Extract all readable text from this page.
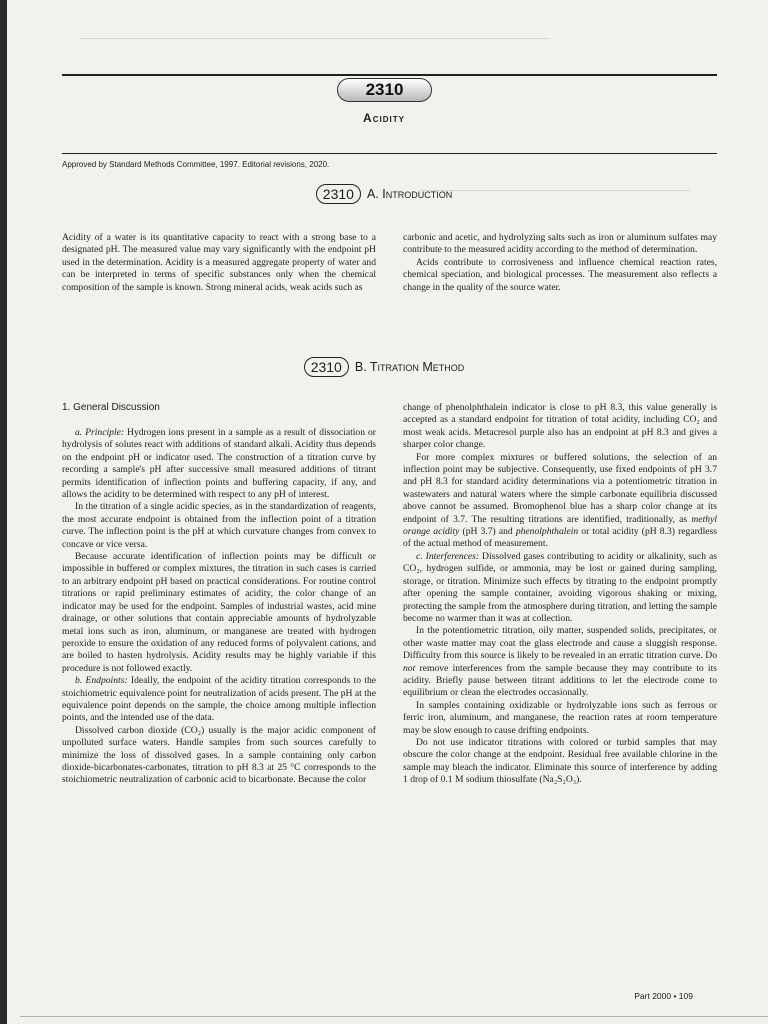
2310
Acidity
Approved by Standard Methods Committee, 1997. Editorial revisions, 2020.
2310 A. Introduction

Acidity of a water is its quantitative capacity to react with a strong base to a designated pH. The measured value may vary significantly with the endpoint pH used in the determination. Acidity is a measured aggregate property of water and can be interpreted in terms of specific substances only when the chemical composition of the sample is known. Strong mineral acids, weak acids such as

carbonic and acetic, and hydrolyzing salts such as iron or aluminum sulfates may contribute to the measured acidity according to the method of determination.

Acids contribute to corrosiveness and influence chemical reaction rates, chemical speciation, and biological processes. The measurement also reflects a change in the quality of the source water.

2310 B. Titration Method
1. General Discussion

a. Principle: Hydrogen ions present in a sample as a result of dissociation or hydrolysis of solutes react with additions of standard alkali. Acidity thus depends on the endpoint pH or indicator used. The construction of a titration curve by recording a sample's pH after successive small measured additions of titrant permits identification of inflection points and buffering capacity, if any, and allows the acidity to be determined with respect to any pH of interest.

In the titration of a single acidic species, as in the standardization of reagents, the most accurate endpoint is obtained from the inflection point of a titration curve. The inflection point is the pH at which curvature changes from convex to concave or vice versa.

Because accurate identification of inflection points may be difficult or impossible in buffered or complex mixtures, the titration in such cases is carried to an arbitrary endpoint pH based on practical considerations. For routine control titrations or rapid preliminary estimates of acidity, the color change of an indicator may be used for the endpoint. Samples of industrial wastes, acid mine drainage, or other solutions that contain appreciable amounts of hydrolyzable metal ions such as iron, aluminum, or manganese are treated with hydrogen peroxide to ensure the oxidation of any reduced forms of polyvalent cations, and are boiled to hasten hydrolysis. Acidity results may be highly variable if this procedure is not followed exactly.

b. Endpoints: Ideally, the endpoint of the acidity titration corresponds to the stoichiometric equivalence point for neutralization of acids present. The pH at the equivalence point depends on the sample, the choice among multiple inflection points, and the intended use of the data.

Dissolved carbon dioxide (CO₂) usually is the major acidic component of unpolluted surface waters. Handle samples from such sources carefully to minimize the loss of dissolved gases. In a sample containing only carbon dioxide-bicarbonates-carbonates, titration to pH 8.3 at 25 °C corresponds to the stoichiometric neutralization of carbonic acid to bicarbonate. Because the color

change of phenolphthalein indicator is close to pH 8.3, this value generally is accepted as a standard endpoint for titration of total acidity, including CO₂ and most weak acids. Metacresol purple also has an endpoint at pH 8.3 and gives a sharper color change.

For more complex mixtures or buffered solutions, the selection of an inflection point may be subjective. Consequently, use fixed endpoints of pH 3.7 and pH 8.3 for standard acidity determinations via a potentiometric titration in wastewaters and natural waters where the simple carbonate equilibria discussed above cannot be assumed. Bromophenol blue has a sharp color change at its endpoint of 3.7. The resulting titrations are identified, traditionally, as methyl orange acidity (pH 3.7) and phenolphthalein or total acidity (pH 8.3) regardless of the actual method of measurement.

c. Interferences: Dissolved gases contributing to acidity or alkalinity, such as CO₂, hydrogen sulfide, or ammonia, may be lost or gained during sampling, storage, or titration. Minimize such effects by titrating to the endpoint promptly after opening the sample container, avoiding vigorous shaking or mixing, protecting the sample from the atmosphere during titration, and letting the sample become no warmer than it was at collection.

In the potentiometric titration, oily matter, suspended solids, precipitates, or other waste matter may coat the glass electrode and cause a sluggish response. Difficulty from this source is likely to be revealed in an erratic titration curve. Do not remove interferences from the sample because they may contribute to its acidity. Briefly pause between titrant additions to let the electrode come to equilibrium or clean the electrodes occasionally.

In samples containing oxidizable or hydrolyzable ions such as ferrous or ferric iron, aluminum, and manganese, the reaction rates at room temperature may be slow enough to cause drifting endpoints.

Do not use indicator titrations with colored or turbid samples that may obscure the color change at the endpoint. Residual free available chlorine in the sample may bleach the indicator. Eliminate this source of interference by adding 1 drop of 0.1 M sodium thiosulfate (Na₂S₂O₃).

Part 2000 • 109
